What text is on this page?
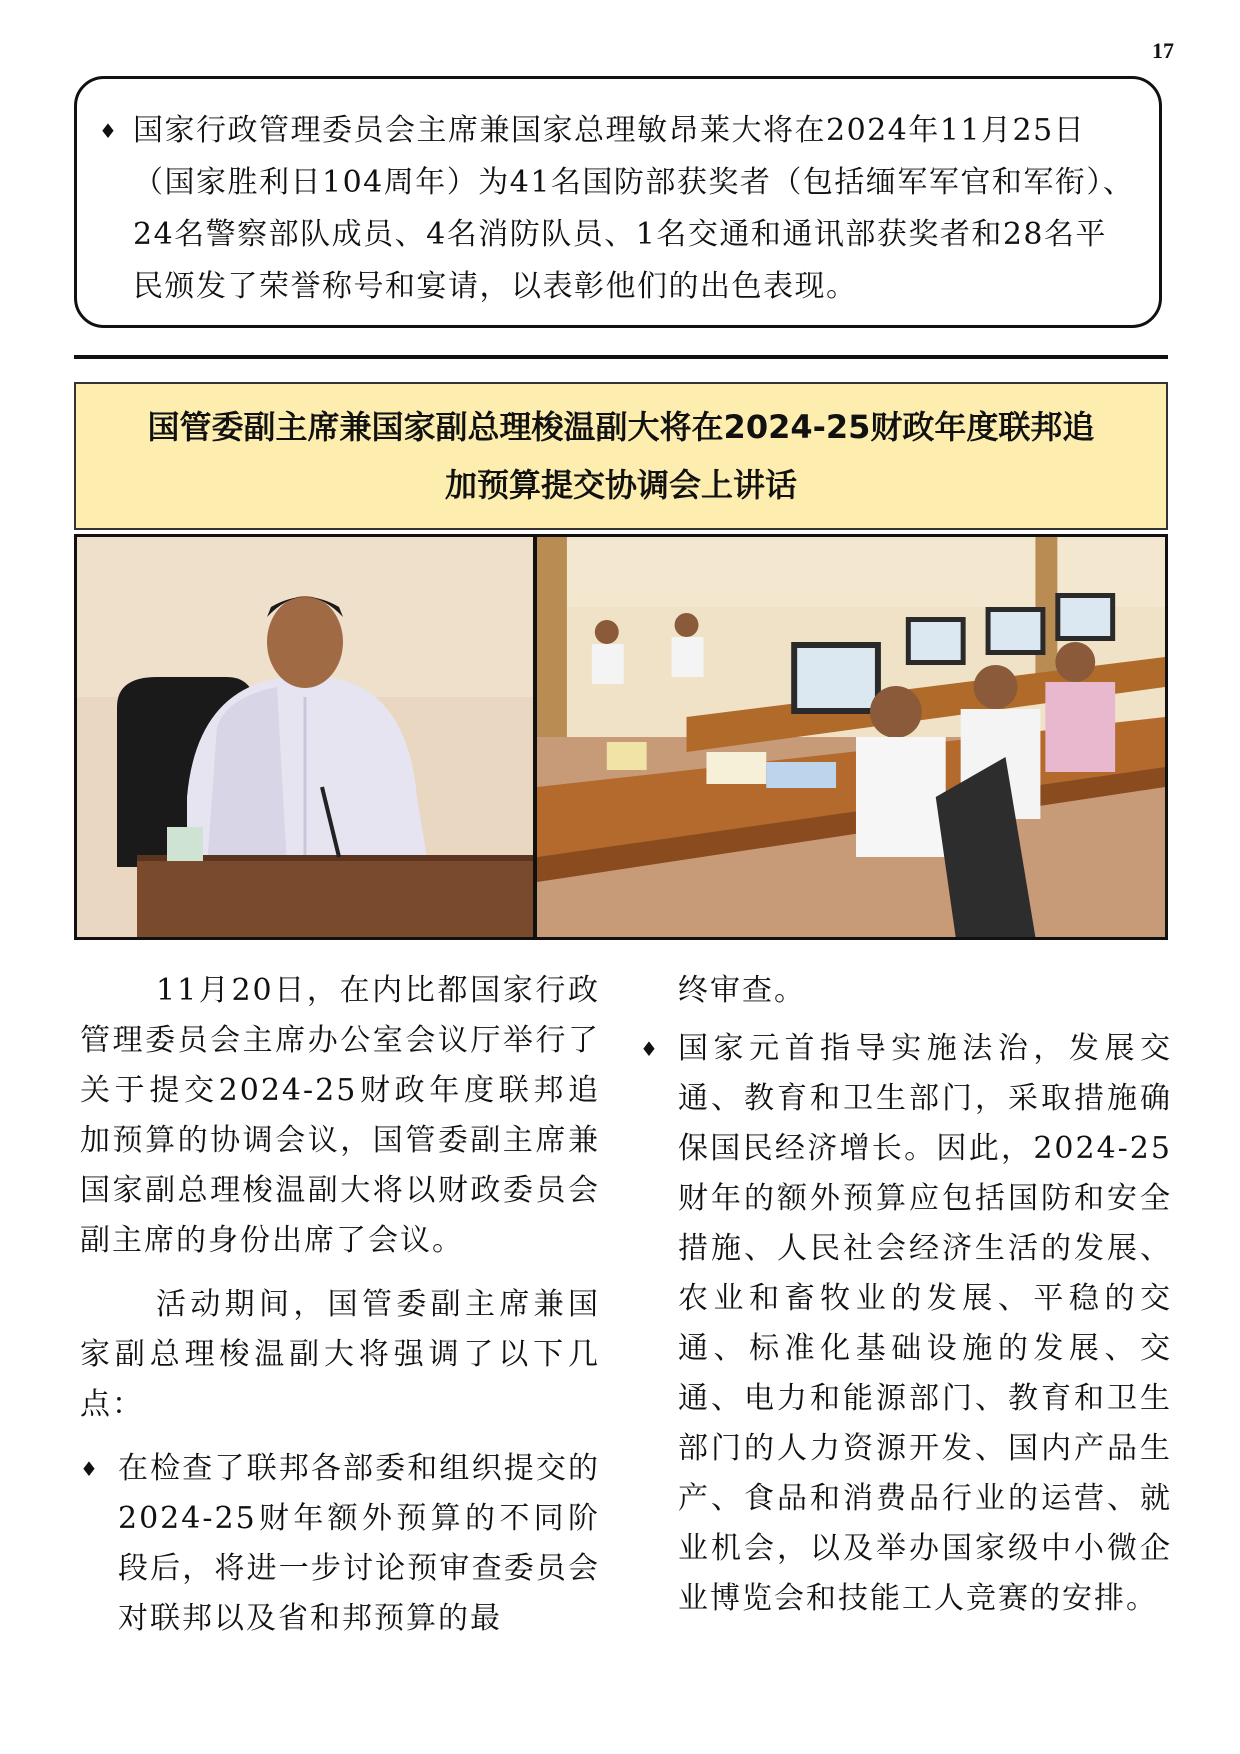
17
♦ 国家行政管理委员会主席兼国家总理敏昂莱大将在2024年11月25日（国家胜利日104周年）为41名国防部获奖者（包括缅军军官和军衔）、24名警察部队成员、4名消防队员、1名交通和通讯部获奖者和28名平民颁发了荣誉称号和宴请，以表彰他们的出色表现。

国管委副主席兼国家副总理梭温副大将在2024-25财政年度联邦追
加预算提交协调会上讲话

11月20日，在内比都国家行政管理委员会主席办公室会议厅举行了关于提交2024-25财政年度联邦追加预算的协调会议，国管委副主席兼国家副总理梭温副大将以财政委员会副主席的身份出席了会议。

活动期间，国管委副主席兼国家副总理梭温副大将强调了以下几点：

♦ 在检查了联邦各部委和组织提交的2024-25财年额外预算的不同阶段后，将进一步讨论预审查委员会对联邦以及省和邦预算的最

终审查。

♦ 国家元首指导实施法治，发展交通、教育和卫生部门，采取措施确保国民经济增长。因此，2024-25财年的额外预算应包括国防和安全措施、人民社会经济生活的发展、农业和畜牧业的发展、平稳的交通、标准化基础设施的发展、交通、电力和能源部门、教育和卫生部门的人力资源开发、国内产品生产、食品和消费品行业的运营、就业机会，以及举办国家级中小微企业博览会和技能工人竞赛的安排。
